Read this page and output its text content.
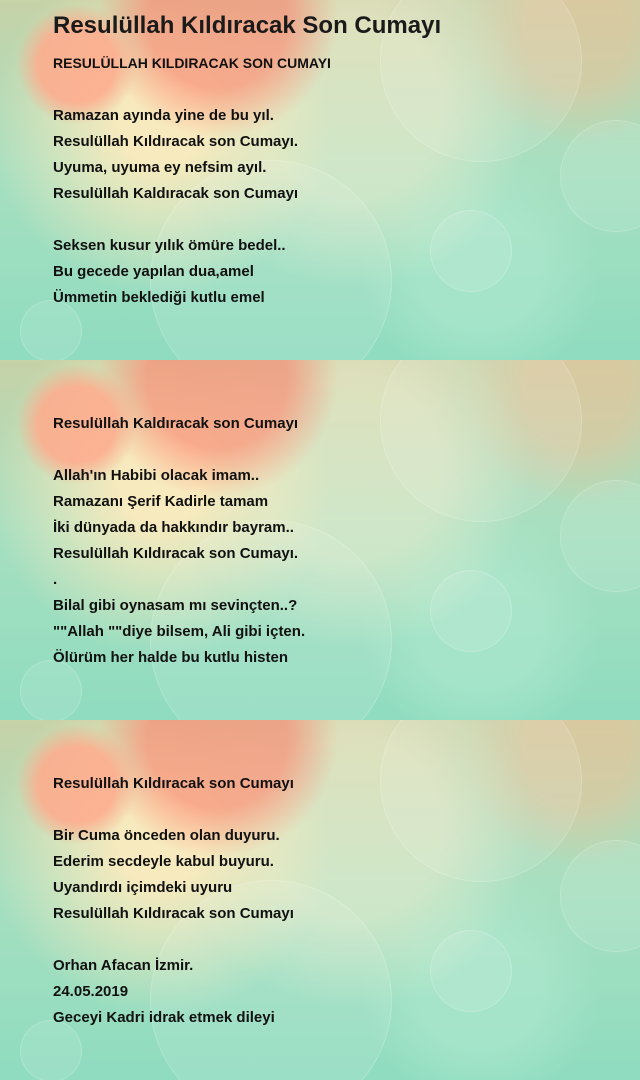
Resulüllah Kıldıracak Son Cumayı
RESULÜLLAH KILDIRACAK SON CUMAYI
Ramazan ayında yine de bu yıl.
Resulüllah Kıldıracak son Cumayı.
Uyuma, uyuma ey nefsim ayıl.
Resulüllah Kaldıracak son Cumayı
Seksen kusur yılık ömüre bedel..
Bu gecede yapılan dua,amel
Ümmetin beklediği kutlu emel
Resulüllah Kaldıracak son Cumayı
Allah'ın Habibi olacak imam..
Ramazanı Şerif Kadirle tamam
İki dünyada da hakkındır bayram..
Resulüllah Kıldıracak son Cumayı.
.
Bilal gibi oynasam mı sevinçten..?
""Allah ""diye bilsem, Ali gibi içten.
Ölürüm her halde bu kutlu histen
Resulüllah Kıldıracak son Cumayı
Bir Cuma önceden olan duyuru.
Ederim secdeyle kabul buyuru.
Uyandırdı içimdeki uyuru
Resulüllah Kıldıracak son Cumayı
Orhan Afacan İzmir.
24.05.2019
Geceyi Kadri idrak etmek dileyi
